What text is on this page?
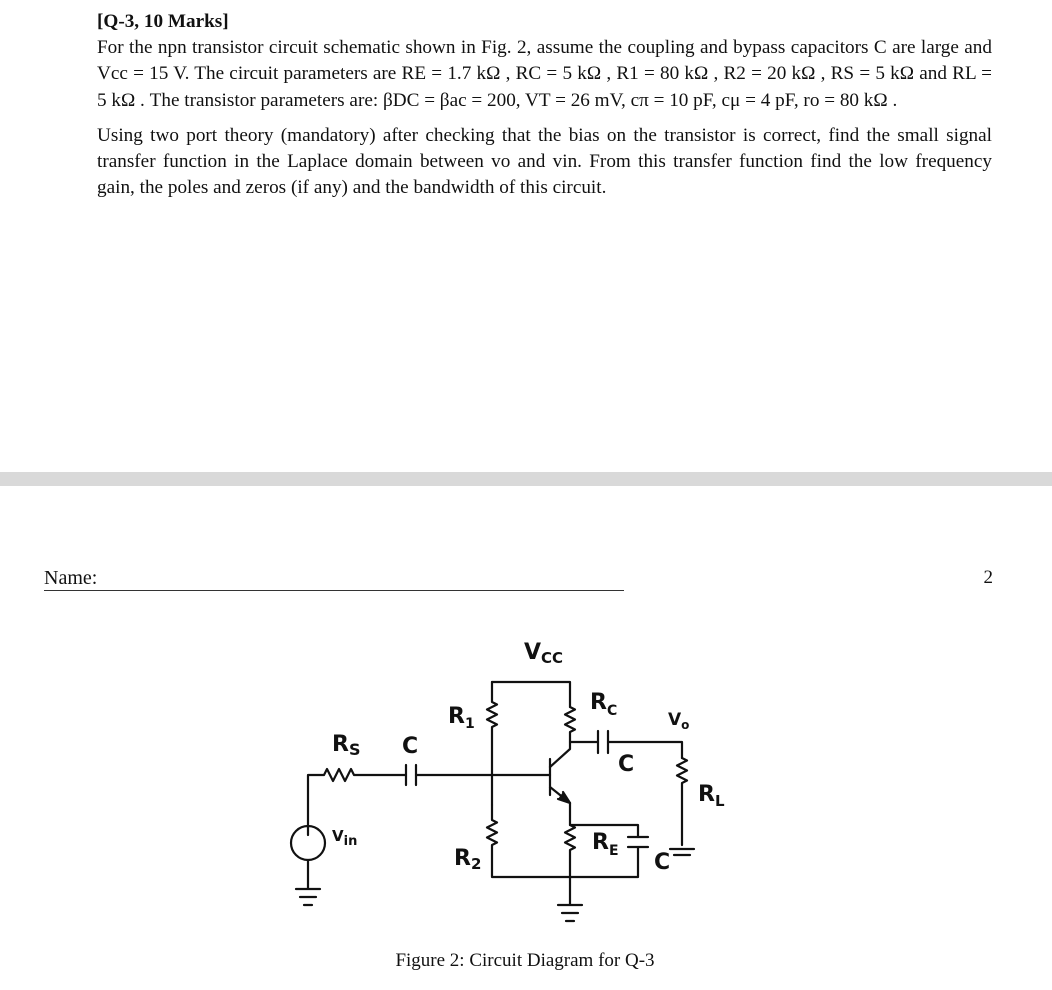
[Q-3, 10 Marks]

For the npn transistor circuit schematic shown in Fig. 2, assume the coupling and bypass capacitors C are large and Vcc = 15 V. The circuit parameters are RE = 1.7 kΩ , RC = 5 kΩ , R1 = 80 kΩ , R2 = 20 kΩ , RS = 5 kΩ and RL = 5 kΩ . The transistor parameters are: βDC = βac = 200, VT = 26 mV, cπ = 10 pF, cμ = 4 pF, ro = 80 kΩ .

Using two port theory (mandatory) after checking that the bias on the transistor is correct, find the small signal transfer function in the Laplace domain between vo and vin. From this transfer function find the low frequency gain, the poles and zeros (if any) and the bandwidth of this circuit.

Name:	2
VCC
$R_1$
$R_C$
RS C
C
$V_o$
$R_L$
Vin
R2
$R_E$ C
Figure 2: Circuit Diagram for Q-3
